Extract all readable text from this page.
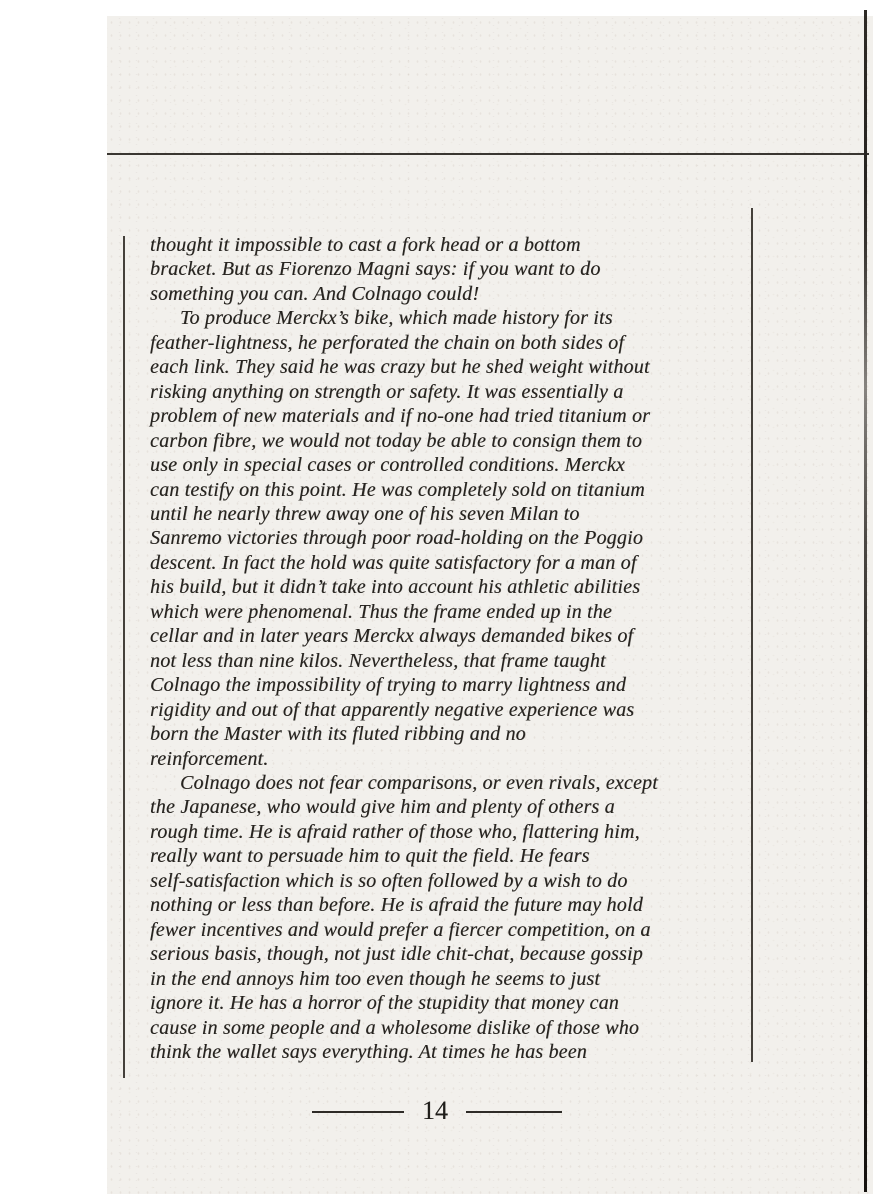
thought it impossible to cast a fork head or a bottom
bracket. But as Fiorenzo Magni says: if you want to do
something you can. And Colnago could!
To produce Merckx’s bike, which made history for its
feather-lightness, he perforated the chain on both sides of
each link. They said he was crazy but he shed weight without
risking anything on strength or safety. It was essentially a
problem of new materials and if no-one had tried titanium or
carbon fibre, we would not today be able to consign them to
use only in special cases or controlled conditions. Merckx
can testify on this point. He was completely sold on titanium
until he nearly threw away one of his seven Milan to
Sanremo victories through poor road-holding on the Poggio
descent. In fact the hold was quite satisfactory for a man of
his build, but it didn’t take into account his athletic abilities
which were phenomenal. Thus the frame ended up in the
cellar and in later years Merckx always demanded bikes of
not less than nine kilos. Nevertheless, that frame taught
Colnago the impossibility of trying to marry lightness and
rigidity and out of that apparently negative experience was
born the Master with its fluted ribbing and no
reinforcement.
Colnago does not fear comparisons, or even rivals, except
the Japanese, who would give him and plenty of others a
rough time. He is afraid rather of those who, flattering him,
really want to persuade him to quit the field. He fears
self-satisfaction which is so often followed by a wish to do
nothing or less than before. He is afraid the future may hold
fewer incentives and would prefer a fiercer competition, on a
serious basis, though, not just idle chit-chat, because gossip
in the end annoys him too even though he seems to just
ignore it. He has a horror of the stupidity that money can
cause in some people and a wholesome dislike of those who
think the wallet says everything. At times he has been
14
